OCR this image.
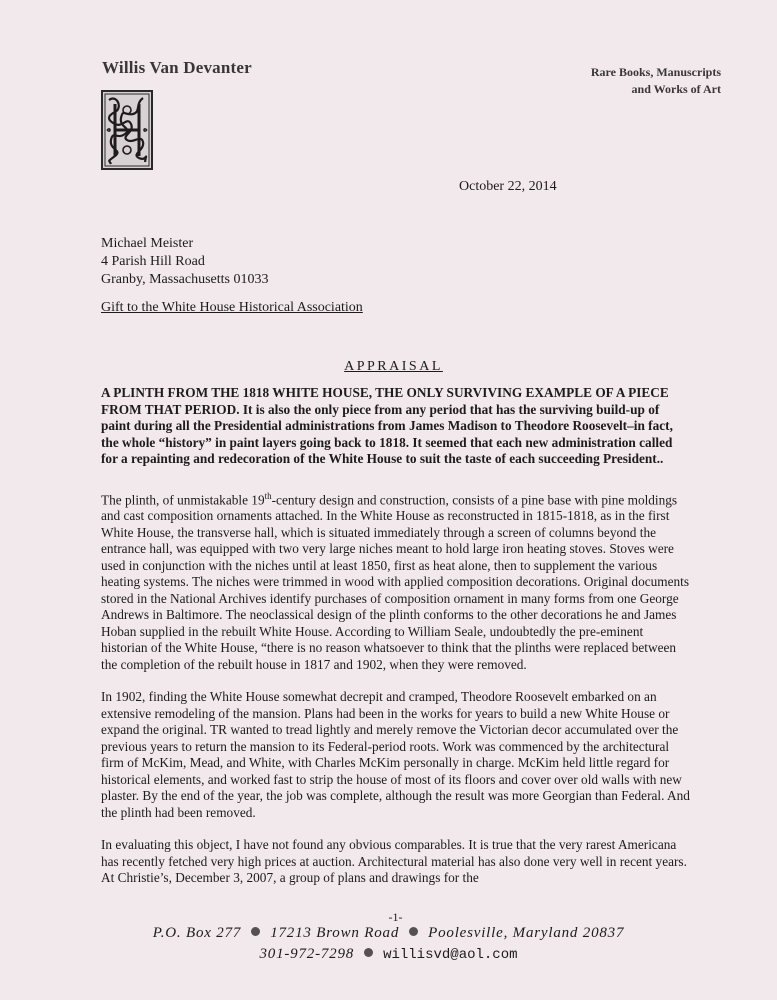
Willis Van Devanter	Rare Books, Manuscripts
and Works of Art
October 22, 2014
Michael Meister
4 Parish Hill Road
Granby, Massachusetts 01033
Gift to the White House Historical Association
APPRAISAL

A PLINTH FROM THE 1818 WHITE HOUSE, THE ONLY SURVIVING EXAMPLE OF A PIECE FROM THAT PERIOD. It is also the only piece from any period that has the surviving build-up of paint during all the Presidential administrations from James Madison to Theodore Roosevelt–in fact, the whole “history” in paint layers going back to 1818. It seemed that each new administration called for a repainting and redecoration of the White House to suit the taste of each succeeding President..

The plinth, of unmistakable 19th-century design and construction, consists of a pine base with pine moldings and cast composition ornaments attached. In the White House as reconstructed in 1815-1818, as in the first White House, the transverse hall, which is situated immediately through a screen of columns beyond the entrance hall, was equipped with two very large niches meant to hold large iron heating stoves. Stoves were used in conjunction with the niches until at least 1850, first as heat alone, then to supplement the various heating systems. The niches were trimmed in wood with applied composition decorations. Original documents stored in the National Archives identify purchases of composition ornament in many forms from one George Andrews in Baltimore. The neoclassical design of the plinth conforms to the other decorations he and James Hoban supplied in the rebuilt White House. According to William Seale, undoubtedly the pre-eminent historian of the White House, “there is no reason whatsoever to think that the plinths were replaced between the completion of the rebuilt house in 1817 and 1902, when they were removed.

In 1902, finding the White House somewhat decrepit and cramped, Theodore Roosevelt embarked on an extensive remodeling of the mansion. Plans had been in the works for years to build a new White House or expand the original. TR wanted to tread lightly and merely remove the Victorian decor accumulated over the previous years to return the mansion to its Federal-period roots. Work was commenced by the architectural firm of McKim, Mead, and White, with Charles McKim personally in charge. McKim held little regard for historical elements, and worked fast to strip the house of most of its floors and cover over old walls with new plaster. By the end of the year, the job was complete, although the result was more Georgian than Federal. And the plinth had been removed.

In evaluating this object, I have not found any obvious comparables. It is true that the very rarest Americana has recently fetched very high prices at auction. Architectural material has also done very well in recent years. At Christie’s, December 3, 2007, a group of plans and drawings for the

-1-
P.O. Box 277 17213 Brown Road Poolesville, Maryland 20837
301-972-7298 willisvd@aol.com
